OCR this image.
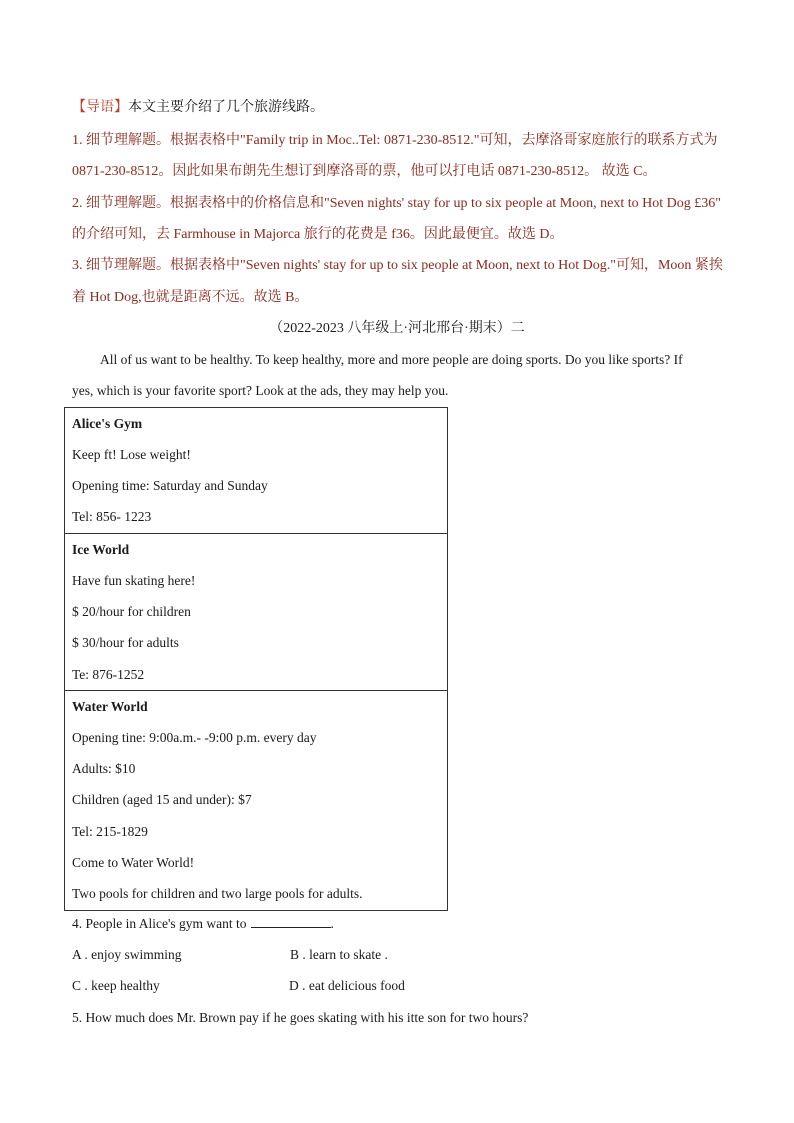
【导语】本文主要介绍了几个旅游线路。
1. 细节理解题。根据表格中"Family trip in Moc..Tel: 0871-230-8512."可知，去摩洛哥家庭旅行的联系方式为
0871-230-8512。因此如果布朗先生想订到摩洛哥的票，他可以打电话 0871-230-8512。 故选 C。
2. 细节理解题。根据表格中的价格信息和"Seven nights' stay for up to six people at Moon, next to Hot Dog £36"
的介绍可知，去 Farmhouse in Majorca 旅行的花费是 f36。因此最便宜。故选 D。
3. 细节理解题。根据表格中"Seven nights' stay for up to six people at Moon, next to Hot Dog."可知，Moon 紧挨
着 Hot Dog,也就是距离不远。故选 B。
（2022-2023 八年级上·河北邢台·期末）二
All of us want to be healthy. To keep healthy, more and more people are doing sports. Do you like sports? If
yes, which is your favorite sport? Look at the ads, they may help you.
Alice's Gym
Keep ft! Lose weight!
Opening time: Saturday and Sunday
Tel: 856- 1223

Ice World
Have fun skating here!
$ 20/hour for children
$ 30/hour for adults
Te: 876-1252

Water World
Opening tine: 9:00a.m.- -9:00 p.m. every day
Adults: $10
Children (aged 15 and under): $7
Tel: 215-1829
Come to Water World!
Two pools for children and two large pools for adults.
4. People in Alice's gym want to	.
A . enjoy swimming	B . learn to skate .
C . keep healthy	D . eat delicious food
5. How much does Mr. Brown pay if he goes skating with his itte son for two hours?
